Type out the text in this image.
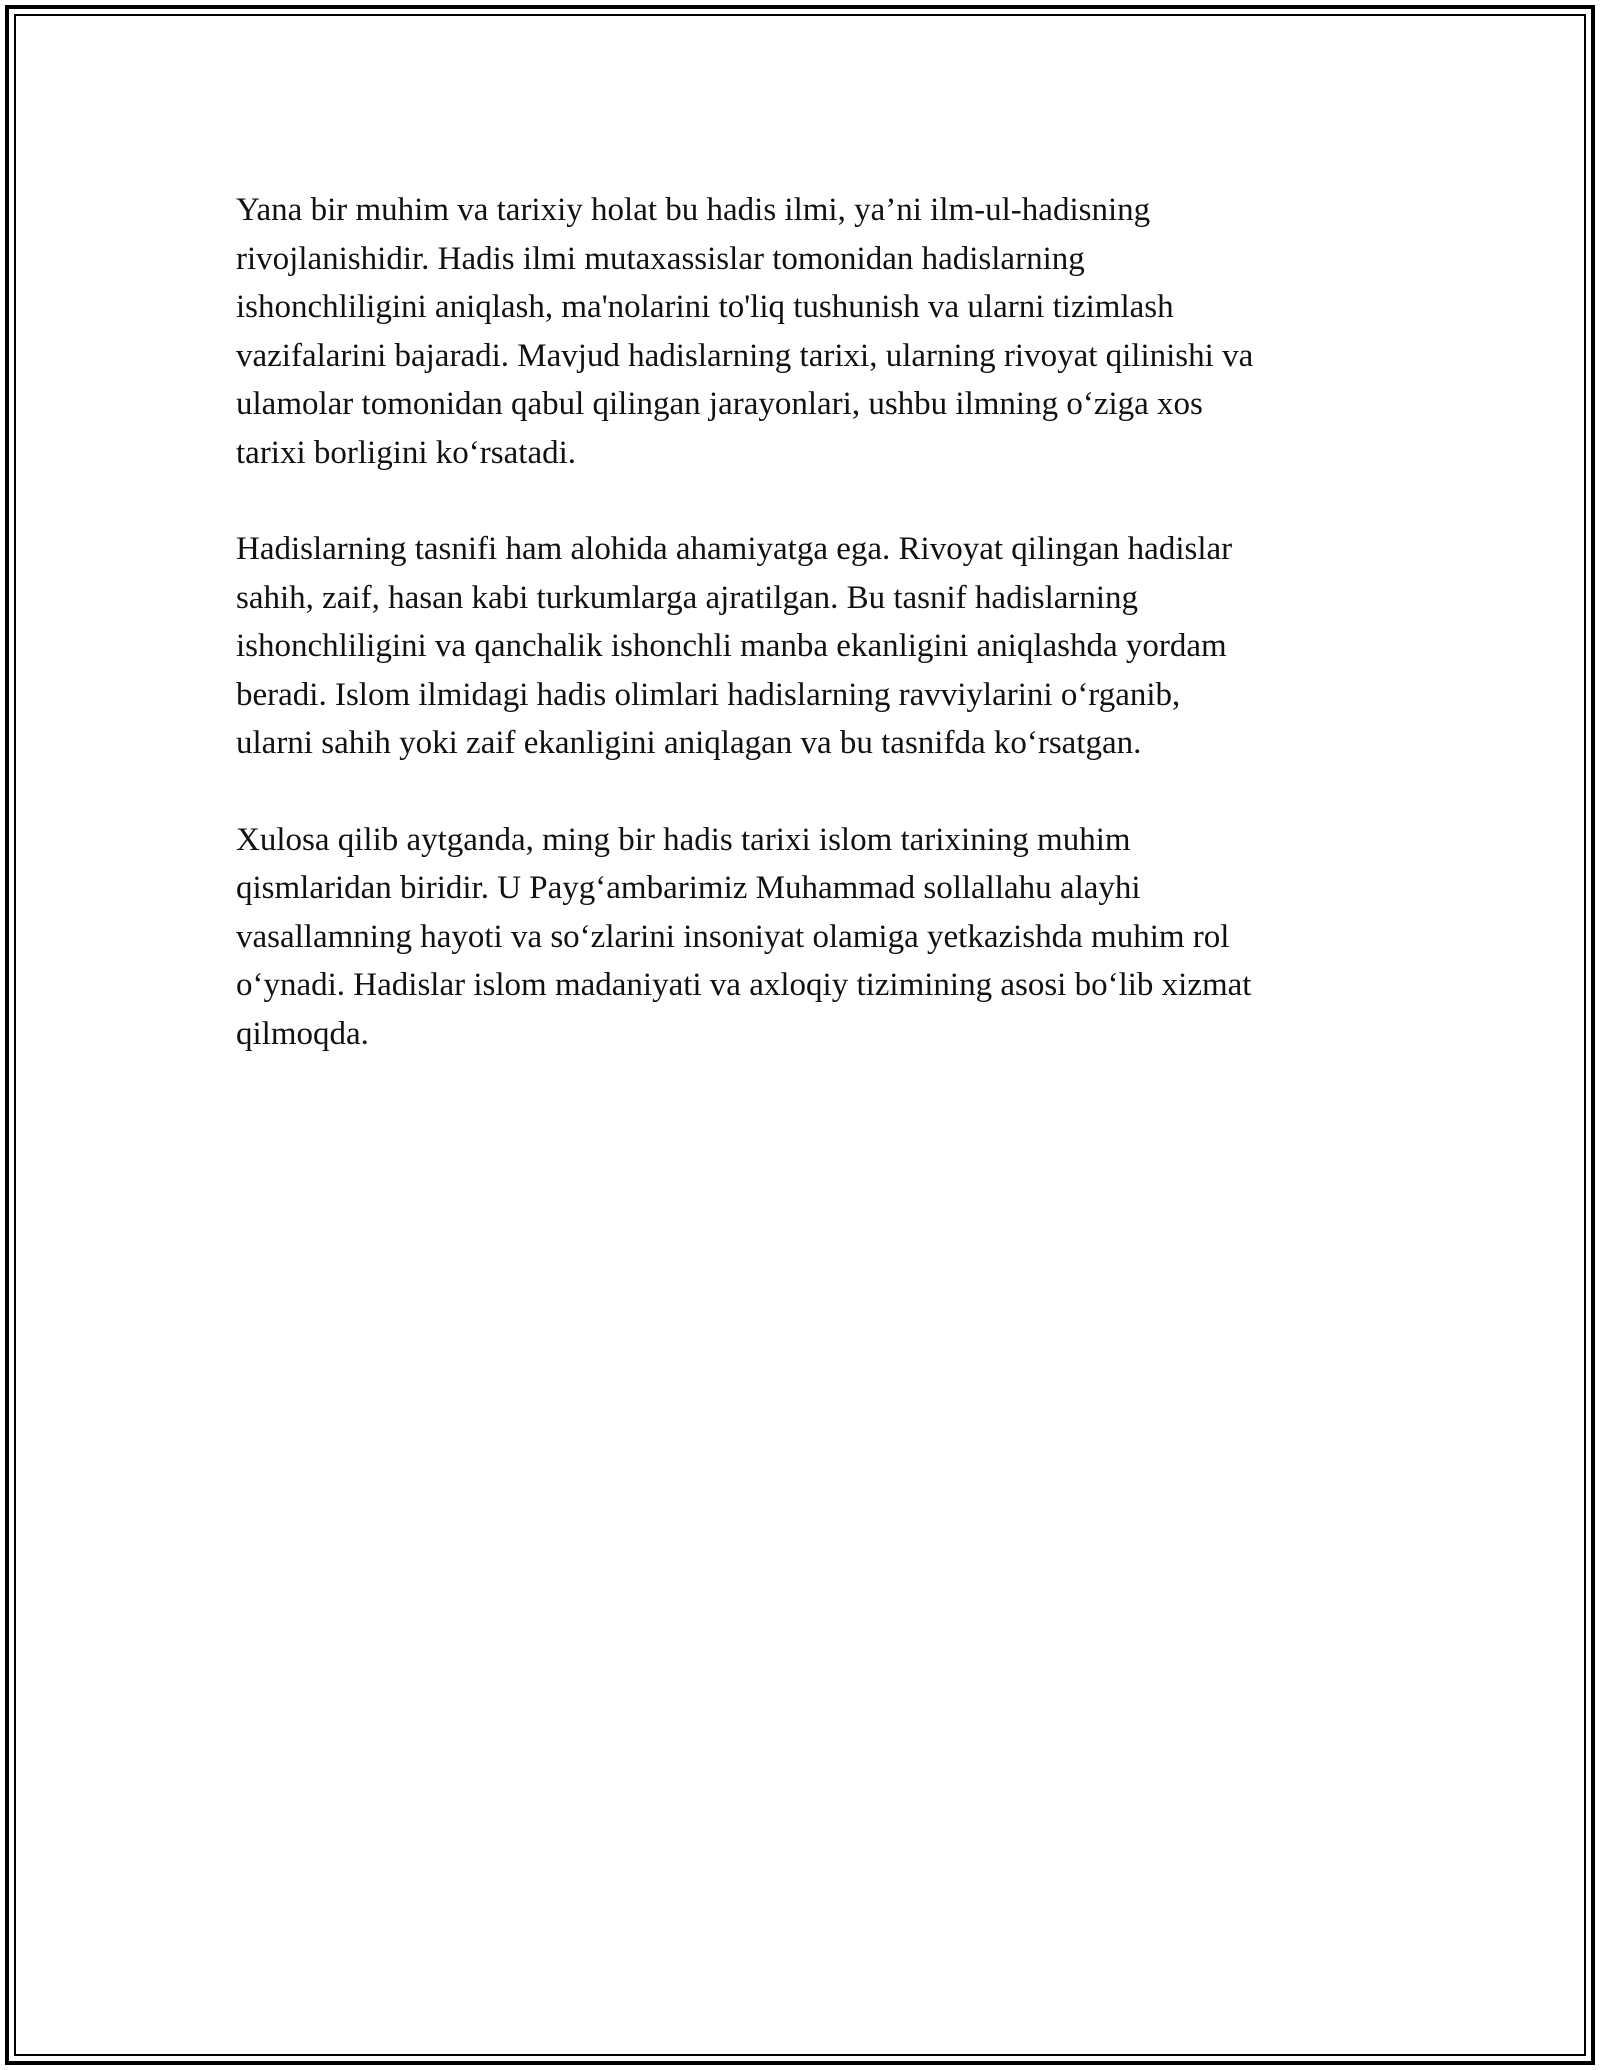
Yana bir muhim va tarixiy holat bu hadis ilmi, ya’ni ilm-ul-hadisning
rivojlanishidir. Hadis ilmi mutaxassislar tomonidan hadislarning
ishonchliligini aniqlash, ma'nolarini to'liq tushunish va ularni tizimlash
vazifalarini bajaradi. Mavjud hadislarning tarixi, ularning rivoyat qilinishi va
ulamolar tomonidan qabul qilingan jarayonlari, ushbu ilmning o‘ziga xos
tarixi borligini ko‘rsatadi.

Hadislarning tasnifi ham alohida ahamiyatga ega. Rivoyat qilingan hadislar
sahih, zaif, hasan kabi turkumlarga ajratilgan. Bu tasnif hadislarning
ishonchliligini va qanchalik ishonchli manba ekanligini aniqlashda yordam
beradi. Islom ilmidagi hadis olimlari hadislarning ravviylarini o‘rganib,
ularni sahih yoki zaif ekanligini aniqlagan va bu tasnifda ko‘rsatgan.

Xulosa qilib aytganda, ming bir hadis tarixi islom tarixining muhim
qismlaridan biridir. U Payg‘ambarimiz Muhammad sollallahu alayhi
vasallamning hayoti va so‘zlarini insoniyat olamiga yetkazishda muhim rol
o‘ynadi. Hadislar islom madaniyati va axloqiy tizimining asosi bo‘lib xizmat
qilmoqda.
